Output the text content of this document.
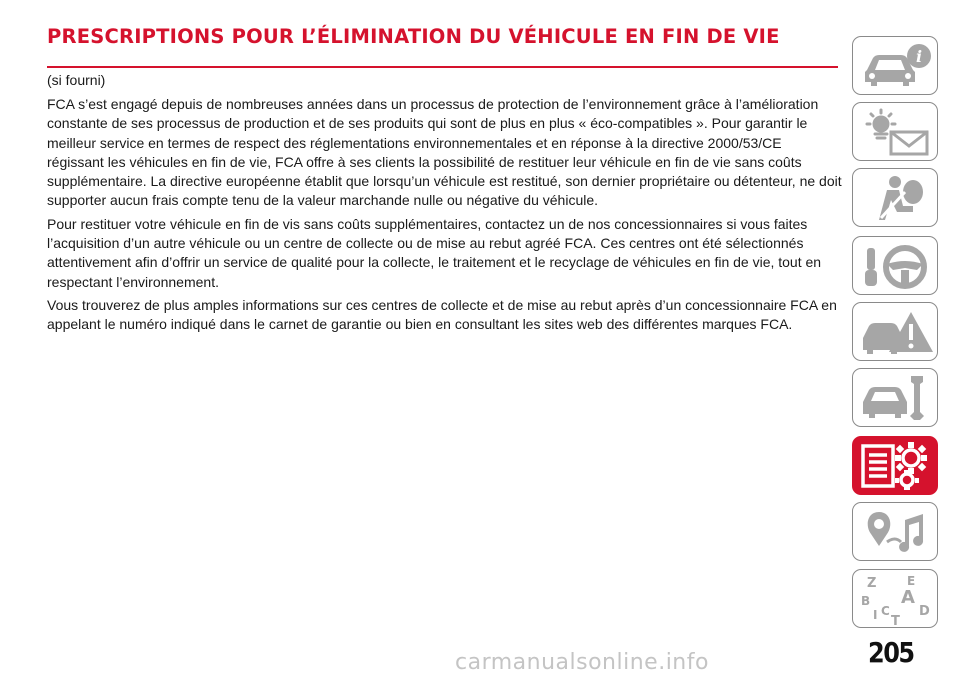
PRESCRIPTIONS POUR L’ÉLIMINATION DU VÉHICULE EN FIN DE VIE
(si fourni)

FCA s’est engagé depuis de nombreuses années dans un processus de protection de l’environnement grâce à l’amélioration constante de ses processus de production et de ses produits qui sont de plus en plus « éco-compatibles ». Pour garantir le meilleur service en termes de respect des réglementations environnementales et en réponse à la directive 2000/53/CE régissant les véhicules en fin de vie, FCA offre à ses clients la possibilité de restituer leur véhicule en fin de vie sans coûts supplémentaire. La directive européenne établit que lorsqu’un véhicule est restitué, son dernier propriétaire ou détenteur, ne doit supporter aucun frais compte tenu de la valeur marchande nulle ou négative du véhicule.

Pour restituer votre véhicule en fin de vis sans coûts supplémentaires, contactez un de nos concessionnaires si vous faites l’acquisition d’un autre véhicule ou un centre de collecte ou de mise au rebut agréé FCA. Ces centres ont été sélectionnés attentivement afin d’offrir un service de qualité pour la collecte, le traitement et le recyclage de véhicules en fin de vie, tout en respectant l’environnement.

Vous trouverez de plus amples informations sur ces centres de collecte et de mise au rebut après d’un concessionnaire FCA en appelant le numéro indiqué dans le carnet de garantie ou bien en consultant les sites web des différentes marques FCA.

i
Z	E
B A
I C D
T
205
carmanualsonline.info
